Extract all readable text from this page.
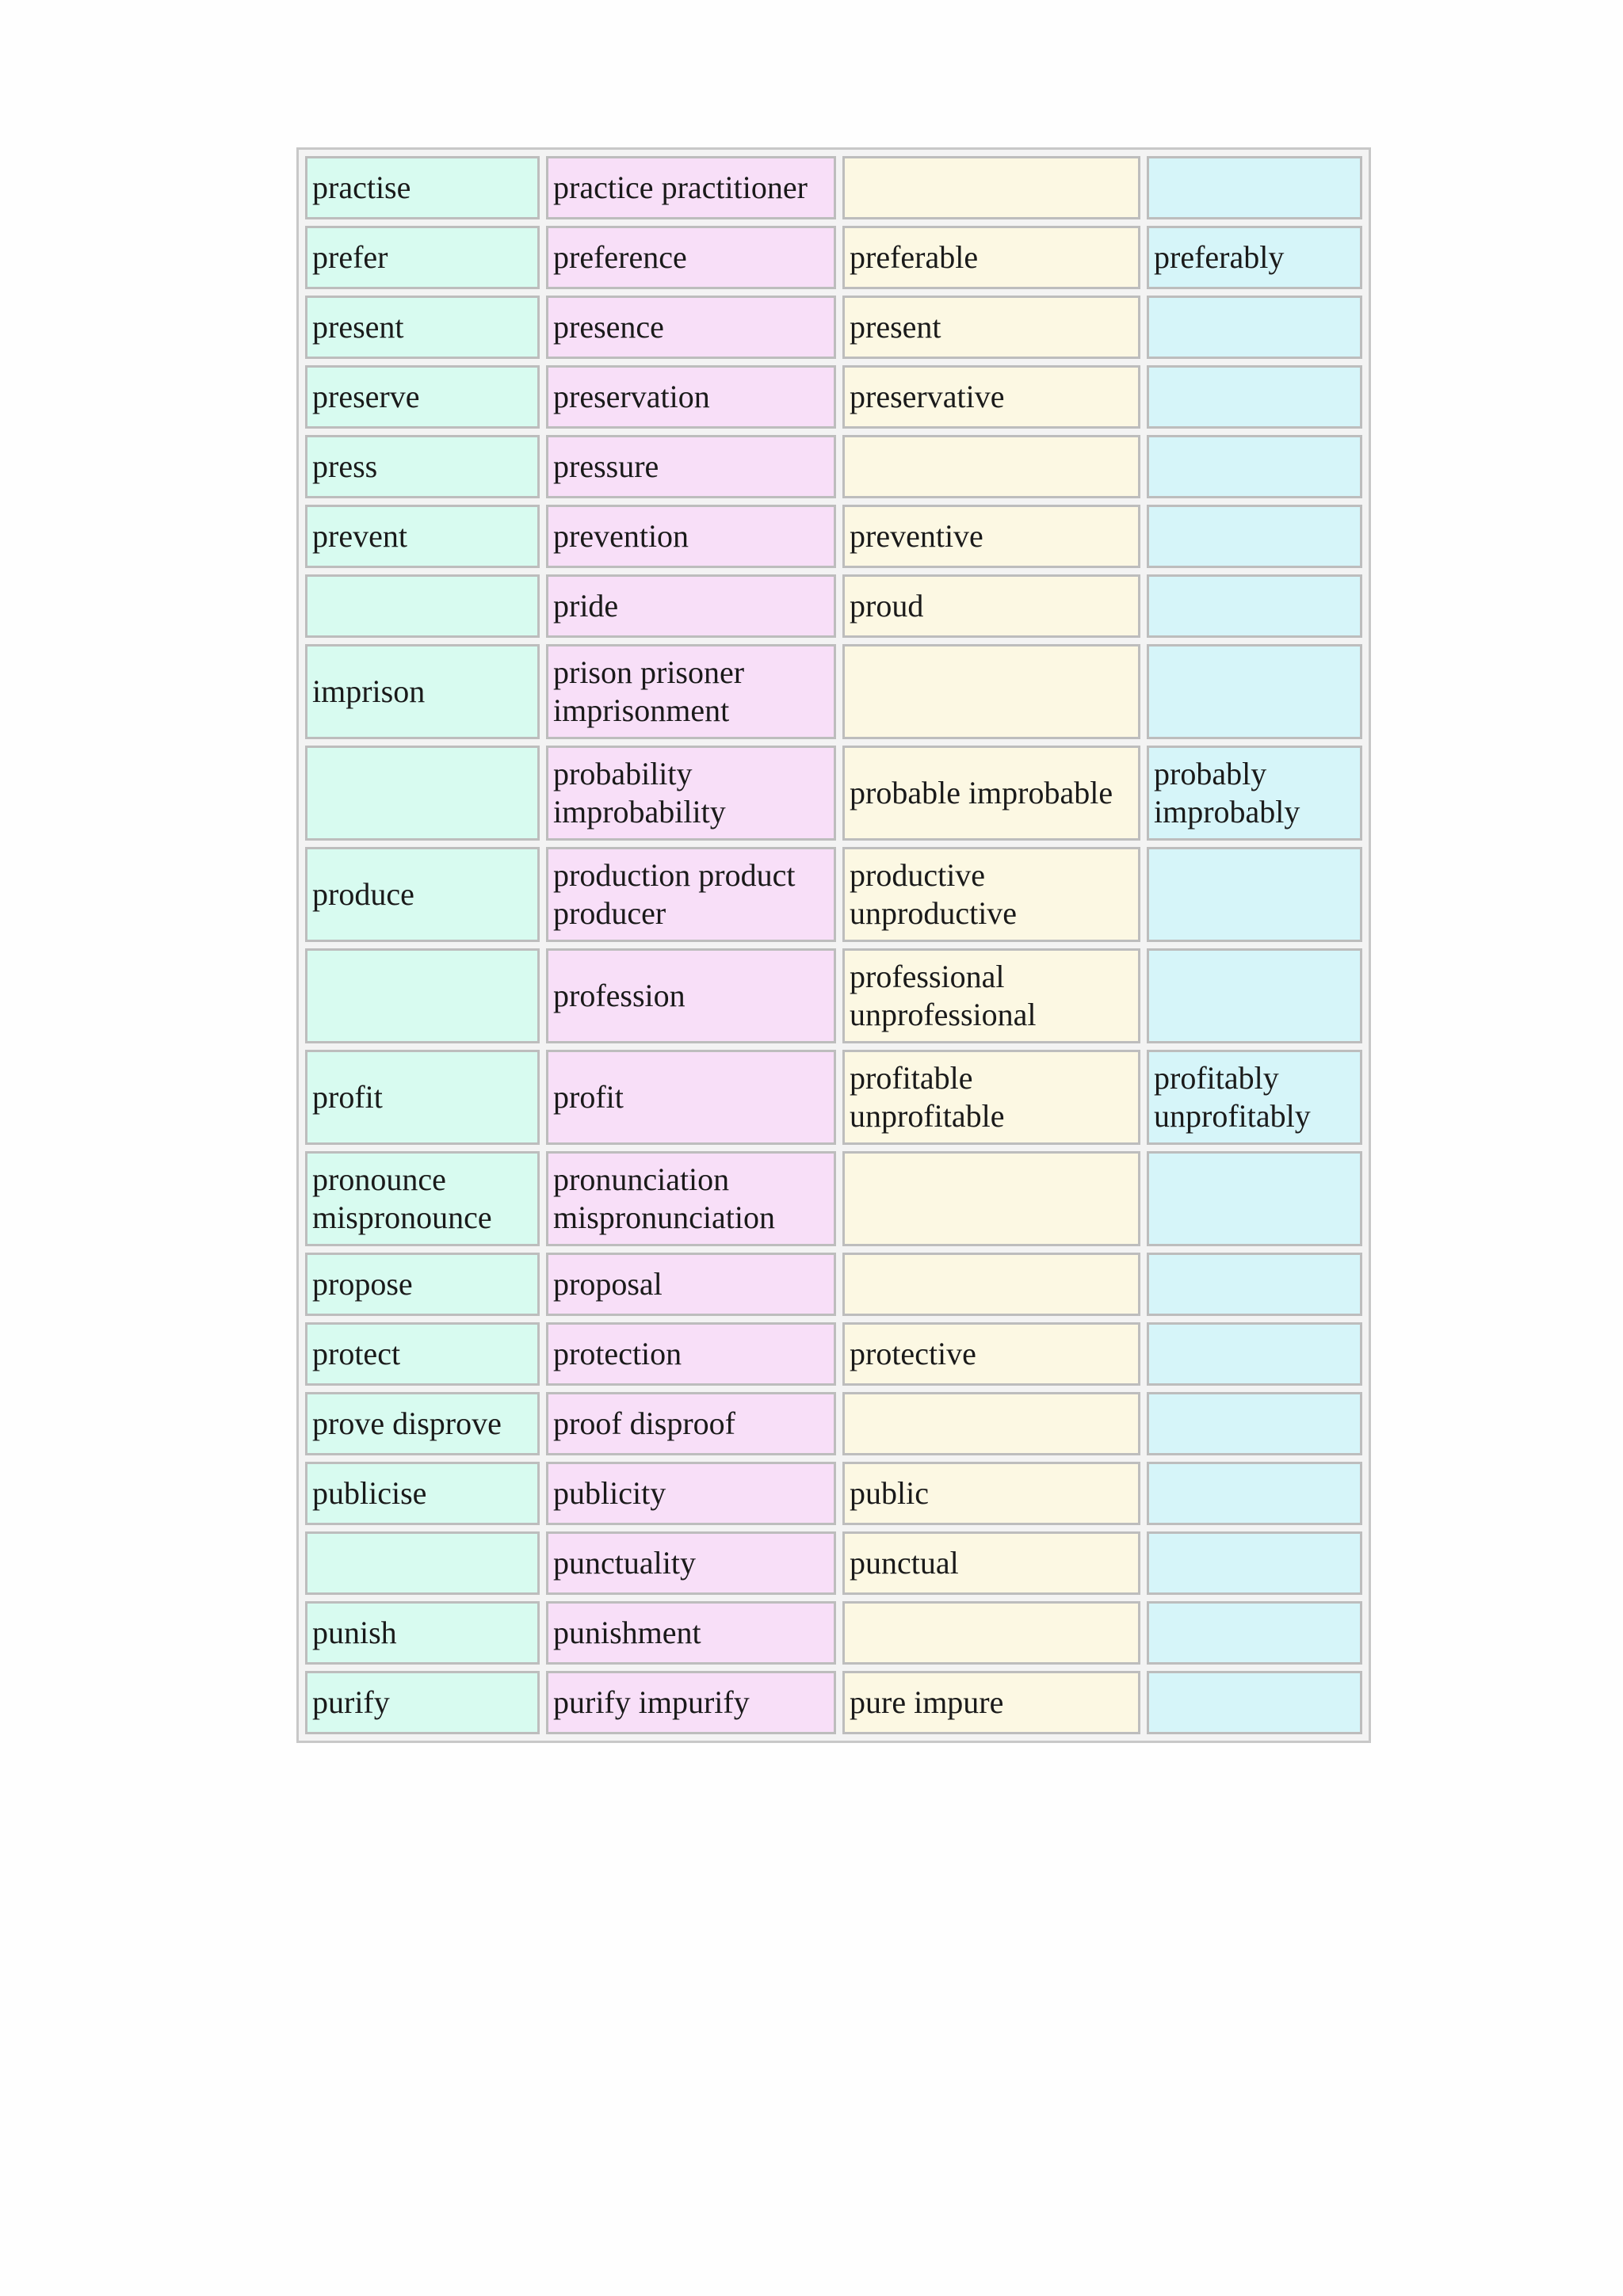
practise	practice practitioner		
prefer	preference	preferable	preferably
present	presence	present	
preserve	preservation	preservative	
press	pressure		
prevent	prevention	preventive	
	pride	proud	
imprison	prison prisoner imprisonment		
	probability improbability	probable improbable	probably improbably
produce	production product producer	productive unproductive	
	profession	professional unprofessional	
profit	profit	profitable unprofitable	profitably unprofitably
pronounce mispronounce	pronunciation mispronunciation		
propose	proposal		
protect	protection	protective	
prove disprove	proof disproof		
publicise	publicity	public	
	punctuality	punctual	
punish	punishment		
purify	purify impurify	pure impure	
